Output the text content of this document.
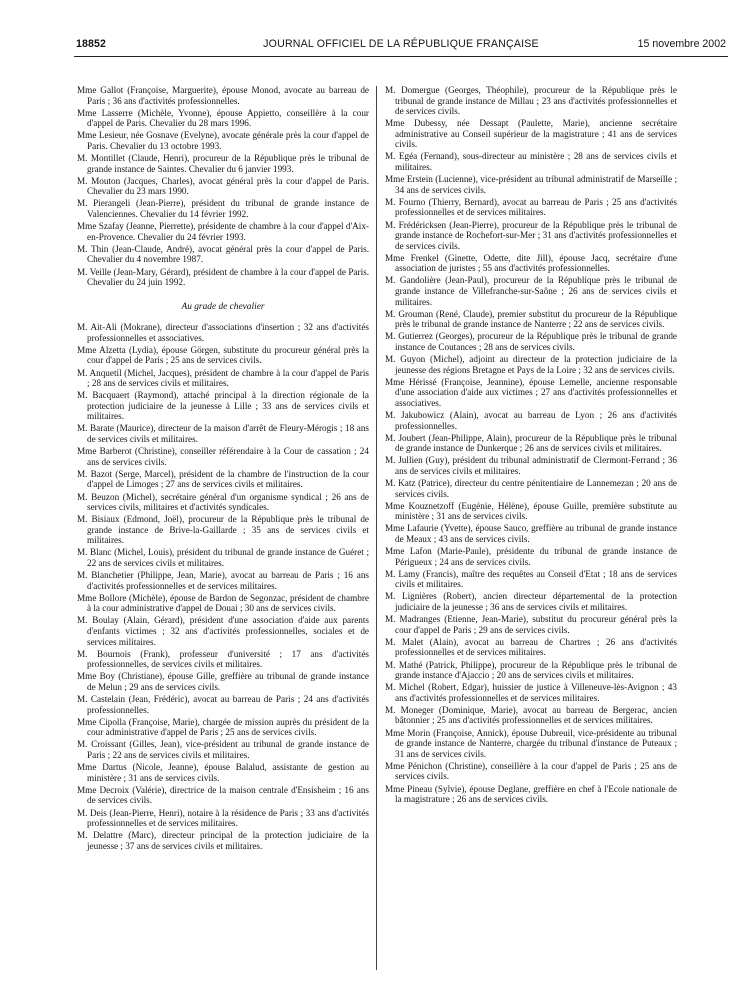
18852	JOURNAL OFFICIEL DE LA RÉPUBLIQUE FRANÇAISE	15 novembre 2002

Mme Gallot (Françoise, Marguerite), épouse Monod, avocate au barreau de Paris ; 36 ans d'activités professionnelles.

Mme Lasserre (Michèle, Yvonne), épouse Appietto, conseillère à la cour d'appel de Paris. Chevalier du 28 mars 1996.

Mme Lesieur, née Gosnave (Evelyne), avocate générale près la cour d'appel de Paris. Chevalier du 13 octobre 1993.

M. Montillet (Claude, Henri), procureur de la République près le tribunal de grande instance de Saintes. Chevalier du 6 janvier 1993.

M. Mouton (Jacques, Charles), avocat général près la cour d'appel de Paris. Chevalier du 23 mars 1990.

M. Pierangeli (Jean-Pierre), président du tribunal de grande instance de Valenciennes. Chevalier du 14 février 1992.

Mme Szafay (Jeanne, Pierrette), présidente de chambre à la cour d'appel d'Aix-en-Provence. Chevalier du 24 février 1993.

M. Thin (Jean-Claude, André), avocat général près la cour d'appel de Paris. Chevalier du 4 novembre 1987.

M. Veille (Jean-Mary, Gérard), président de chambre à la cour d'appel de Paris. Chevalier du 24 juin 1992.

Au grade de chevalier

M. Ait-Ali (Mokrane), directeur d'associations d'insertion ; 32 ans d'activités professionnelles et associatives.

Mme Alzetta (Lydia), épouse Görgen, substitute du procureur général près la cour d'appel de Paris ; 25 ans de services civils.

M. Anquetil (Michel, Jacques), président de chambre à la cour d'appel de Paris ; 28 ans de services civils et militaires.

M. Bacquaert (Raymond), attaché principal à la direction régionale de la protection judiciaire de la jeunesse à Lille ; 33 ans de services civils et militaires.

M. Barate (Maurice), directeur de la maison d'arrêt de Fleury-Mérogis ; 18 ans de services civils et militaires.

Mme Barberot (Christine), conseiller référendaire à la Cour de cassation ; 24 ans de services civils.

M. Bazot (Serge, Marcel), président de la chambre de l'instruction de la cour d'appel de Limoges ; 27 ans de services civils et militaires.

M. Beuzon (Michel), secrétaire général d'un organisme syndical ; 26 ans de services civils, militaires et d'activités syndicales.

M. Bisiaux (Edmond, Joël), procureur de la République près le tribunal de grande instance de Brive-la-Gaillarde ; 35 ans de services civils et militaires.

M. Blanc (Michel, Louis), président du tribunal de grande instance de Guéret ; 22 ans de services civils et militaires.

M. Blanchetier (Philippe, Jean, Marie), avocat au barreau de Paris ; 16 ans d'activités professionnelles et de services militaires.

Mme Bollore (Michèle), épouse de Bardon de Segonzac, président de chambre à la cour administrative d'appel de Douai ; 30 ans de services civils.

M. Boulay (Alain, Gérard), président d'une association d'aide aux parents d'enfants victimes ; 32 ans d'activités professionnelles, sociales et de services militaires.

M. Bournois (Frank), professeur d'université ; 17 ans d'activités professionnelles, de services civils et militaires.

Mme Boy (Christiane), épouse Gille, greffière au tribunal de grande instance de Melun ; 29 ans de services civils.

M. Castelain (Jean, Frédéric), avocat au barreau de Paris ; 24 ans d'activités professionnelles.

Mme Cipolla (Françoise, Marie), chargée de mission auprès du président de la cour administrative d'appel de Paris ; 25 ans de services civils.

M. Croissant (Gilles, Jean), vice-président au tribunal de grande instance de Paris ; 22 ans de services civils et militaires.

Mme Dartus (Nicole, Jeanne), épouse Balalud, assistante de gestion au ministère ; 31 ans de services civils.

Mme Decroix (Valérie), directrice de la maison centrale d'Ensisheim ; 16 ans de services civils.

M. Deis (Jean-Pierre, Henri), notaire à la résidence de Paris ; 33 ans d'activités professionnelles et de services militaires.

M. Delattre (Marc), directeur principal de la protection judiciaire de la jeunesse ; 37 ans de services civils et militaires.

M. Domergue (Georges, Théophile), procureur de la République près le tribunal de grande instance de Millau ; 23 ans d'activités professionnelles et de services civils.

Mme Dubessy, née Dessapt (Paulette, Marie), ancienne secrétaire administrative au Conseil supérieur de la magistrature ; 41 ans de services civils.

M. Egéa (Fernand), sous-directeur au ministère ; 28 ans de services civils et militaires.

Mme Erstein (Lucienne), vice-président au tribunal administratif de Marseille ; 34 ans de services civils.

M. Fourno (Thierry, Bernard), avocat au barreau de Paris ; 25 ans d'activités professionnelles et de services militaires.

M. Frédéricksen (Jean-Pierre), procureur de la République près le tribunal de grande instance de Rochefort-sur-Mer ; 31 ans d'activités professionnelles et de services civils.

Mme Frenkel (Ginette, Odette, dite Jill), épouse Jacq, secrétaire d'une association de juristes ; 55 ans d'activités professionnelles.

M. Gandolière (Jean-Paul), procureur de la République près le tribunal de grande instance de Villefranche-sur-Saône ; 26 ans de services civils et militaires.

M. Grouman (René, Claude), premier substitut du procureur de la République près le tribunal de grande instance de Nanterre ; 22 ans de services civils.

M. Gutierrez (Georges), procureur de la République près le tribunal de grande instance de Coutances ; 28 ans de services civils.

M. Guyon (Michel), adjoint au directeur de la protection judiciaire de la jeunesse des régions Bretagne et Pays de la Loire ; 32 ans de services civils.

Mme Hérissé (Françoise, Jeannine), épouse Lemelle, ancienne responsable d'une association d'aide aux victimes ; 27 ans d'activités professionnelles et associatives.

M. Jakubowicz (Alain), avocat au barreau de Lyon ; 26 ans d'activités professionnelles.

M. Joubert (Jean-Philippe, Alain), procureur de la République près le tribunal de grande instance de Dunkerque ; 26 ans de services civils et militaires.

M. Jullien (Guy), président du tribunal administratif de Clermont-Ferrand ; 36 ans de services civils et militaires.

M. Katz (Patrice), directeur du centre pénitentiaire de Lannemezan ; 20 ans de services civils.

Mme Kouznetzoff (Eugénie, Hélène), épouse Guille, première substitute au ministère ; 31 ans de services civils.

Mme Lafaurie (Yvette), épouse Sauco, greffière au tribunal de grande instance de Meaux ; 43 ans de services civils.

Mme Lafon (Marie-Paule), présidente du tribunal de grande instance de Périgueux ; 24 ans de services civils.

M. Lamy (Francis), maître des requêtes au Conseil d'Etat ; 18 ans de services civils et militaires.

M. Lignières (Robert), ancien directeur départemental de la protection judiciaire de la jeunesse ; 36 ans de services civils et militaires.

M. Madranges (Etienne, Jean-Marie), substitut du procureur général près la cour d'appel de Paris ; 29 ans de services civils.

M. Malet (Alain), avocat au barreau de Chartres ; 26 ans d'activités professionnelles et de services militaires.

M. Mathé (Patrick, Philippe), procureur de la République près le tribunal de grande instance d'Ajaccio ; 20 ans de services civils et militaires.

M. Michel (Robert, Edgar), huissier de justice à Villeneuve-lès-Avignon ; 43 ans d'activités professionnelles et de services militaires.

M. Moneger (Dominique, Marie), avocat au barreau de Bergerac, ancien bâtonnier ; 25 ans d'activités professionnelles et de services militaires.

Mme Morin (Françoise, Annick), épouse Dubreuil, vice-présidente au tribunal de grande instance de Nanterre, chargée du tribunal d'instance de Puteaux ; 31 ans de services civils.

Mme Pénichon (Christine), conseillère à la cour d'appel de Paris ; 25 ans de services civils.

Mme Pineau (Sylvie), épouse Deglane, greffière en chef à l'Ecole nationale de la magistrature ; 26 ans de services civils.
